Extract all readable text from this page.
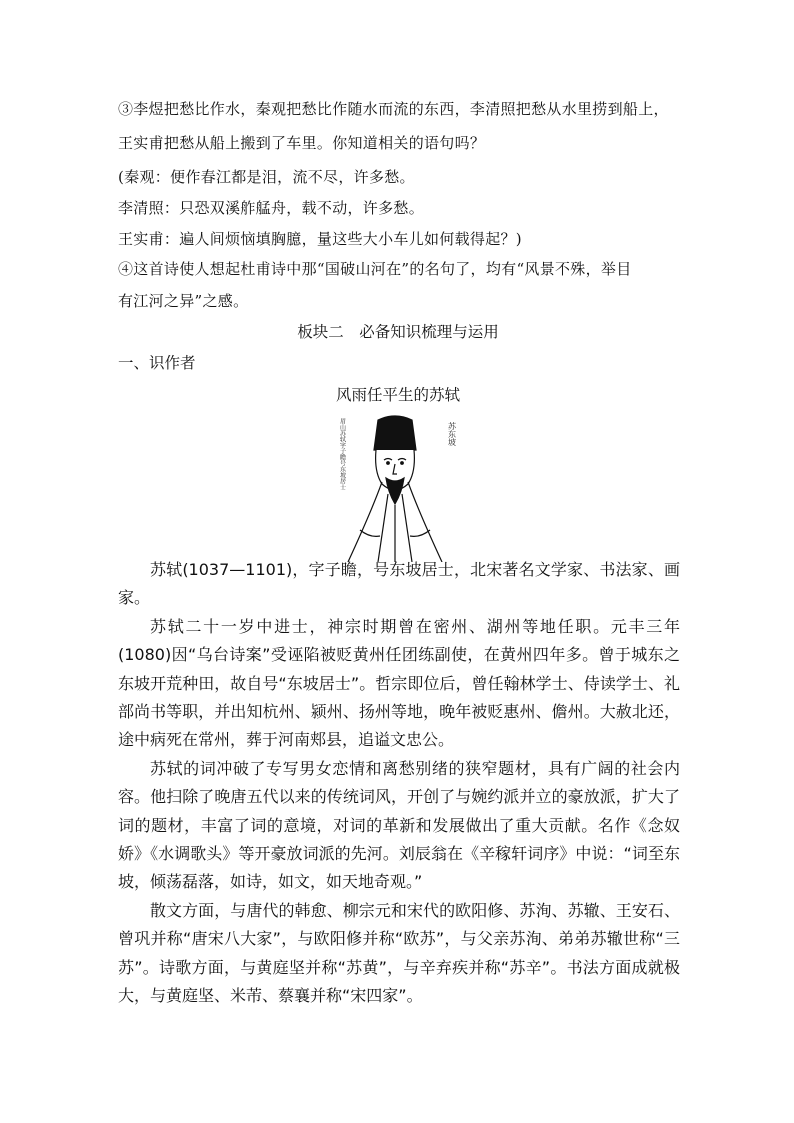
③李煜把愁比作水，秦观把愁比作随水而流的东西，李清照把愁从水里捞到船上，
王实甫把愁从船上搬到了车里。你知道相关的语句吗？
(秦观：便作春江都是泪，流不尽，许多愁。
李清照：只恐双溪舴艋舟，载不动，许多愁。
王实甫：遍人间烦恼填胸臆，量这些大小车儿如何载得起？)
④这首诗使人想起杜甫诗中那“国破山河在”的名句了，均有“风景不殊，举目
有江河之异”之感。
板块二　必备知识梳理与运用
一、识作者
风雨任平生的苏轼
苏东坡
眉山苏轼字子瞻号东坡居士

苏轼(1037—1101)，字子瞻，号东坡居士，北宋著名文学家、书法家、画家。

苏轼二十一岁中进士，神宗时期曾在密州、湖州等地任职。元丰三年(1080)因“乌台诗案”受诬陷被贬黄州任团练副使，在黄州四年多。曾于城东之东坡开荒种田，故自号“东坡居士”。哲宗即位后，曾任翰林学士、侍读学士、礼部尚书等职，并出知杭州、颍州、扬州等地，晚年被贬惠州、儋州。大赦北还，途中病死在常州，葬于河南郏县，追谥文忠公。

苏轼的词冲破了专写男女恋情和离愁别绪的狭窄题材，具有广阔的社会内容。他扫除了晚唐五代以来的传统词风，开创了与婉约派并立的豪放派，扩大了词的题材，丰富了词的意境，对词的革新和发展做出了重大贡献。名作《念奴娇》《水调歌头》等开豪放词派的先河。刘辰翁在《辛稼轩词序》中说：“词至东坡，倾荡磊落，如诗，如文，如天地奇观。”

散文方面，与唐代的韩愈、柳宗元和宋代的欧阳修、苏洵、苏辙、王安石、曾巩并称“唐宋八大家”，与欧阳修并称“欧苏”，与父亲苏洵、弟弟苏辙世称“三苏”。诗歌方面，与黄庭坚并称“苏黄”，与辛弃疾并称“苏辛”。书法方面成就极大，与黄庭坚、米芾、蔡襄并称“宋四家”。
